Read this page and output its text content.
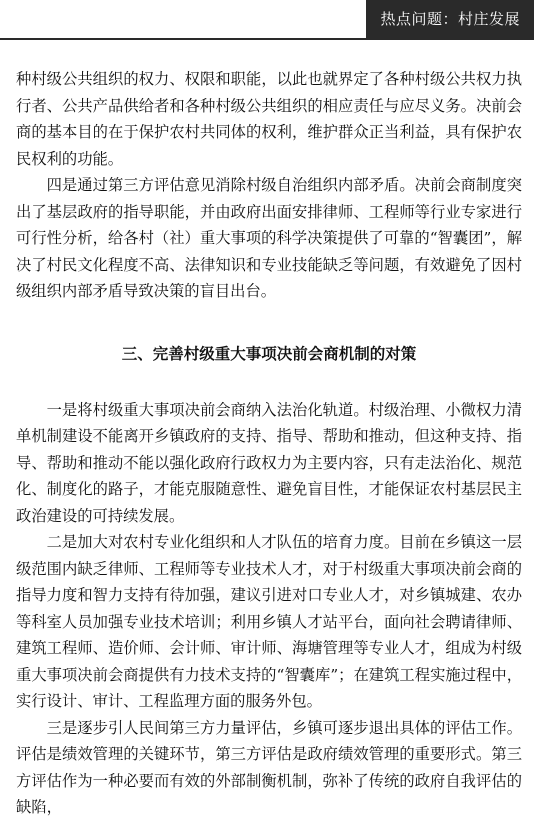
热点问题：村庄发展

种村级公共组织的权力、权限和职能，以此也就界定了各种村级公共权力执行者、公共产品供给者和各种村级公共组织的相应责任与应尽义务。决前会商的基本目的在于保护农村共同体的权利，维护群众正当利益，具有保护农民权利的功能。

四是通过第三方评估意见消除村级自治组织内部矛盾。决前会商制度突出了基层政府的指导职能，并由政府出面安排律师、工程师等行业专家进行可行性分析，给各村（社）重大事项的科学决策提供了可靠的“智囊团”，解决了村民文化程度不高、法律知识和专业技能缺乏等问题，有效避免了因村级组织内部矛盾导致决策的盲目出台。

三、完善村级重大事项决前会商机制的对策

一是将村级重大事项决前会商纳入法治化轨道。村级治理、小微权力清单机制建设不能离开乡镇政府的支持、指导、帮助和推动，但这种支持、指导、帮助和推动不能以强化政府行政权力为主要内容，只有走法治化、规范化、制度化的路子，才能克服随意性、避免盲目性，才能保证农村基层民主政治建设的可持续发展。

二是加大对农村专业化组织和人才队伍的培育力度。目前在乡镇这一层级范围内缺乏律师、工程师等专业技术人才，对于村级重大事项决前会商的指导力度和智力支持有待加强，建议引进对口专业人才，对乡镇城建、农办等科室人员加强专业技术培训；利用乡镇人才站平台，面向社会聘请律师、建筑工程师、造价师、会计师、审计师、海塘管理等专业人才，组成为村级重大事项决前会商提供有力技术支持的“智囊库”；在建筑工程实施过程中，实行设计、审计、工程监理方面的服务外包。

三是逐步引人民间第三方力量评估，乡镇可逐步退出具体的评估工作。评估是绩效管理的关键环节，第三方评估是政府绩效管理的重要形式。第三方评估作为一种必要而有效的外部制衡机制，弥补了传统的政府自我评估的缺陷，
